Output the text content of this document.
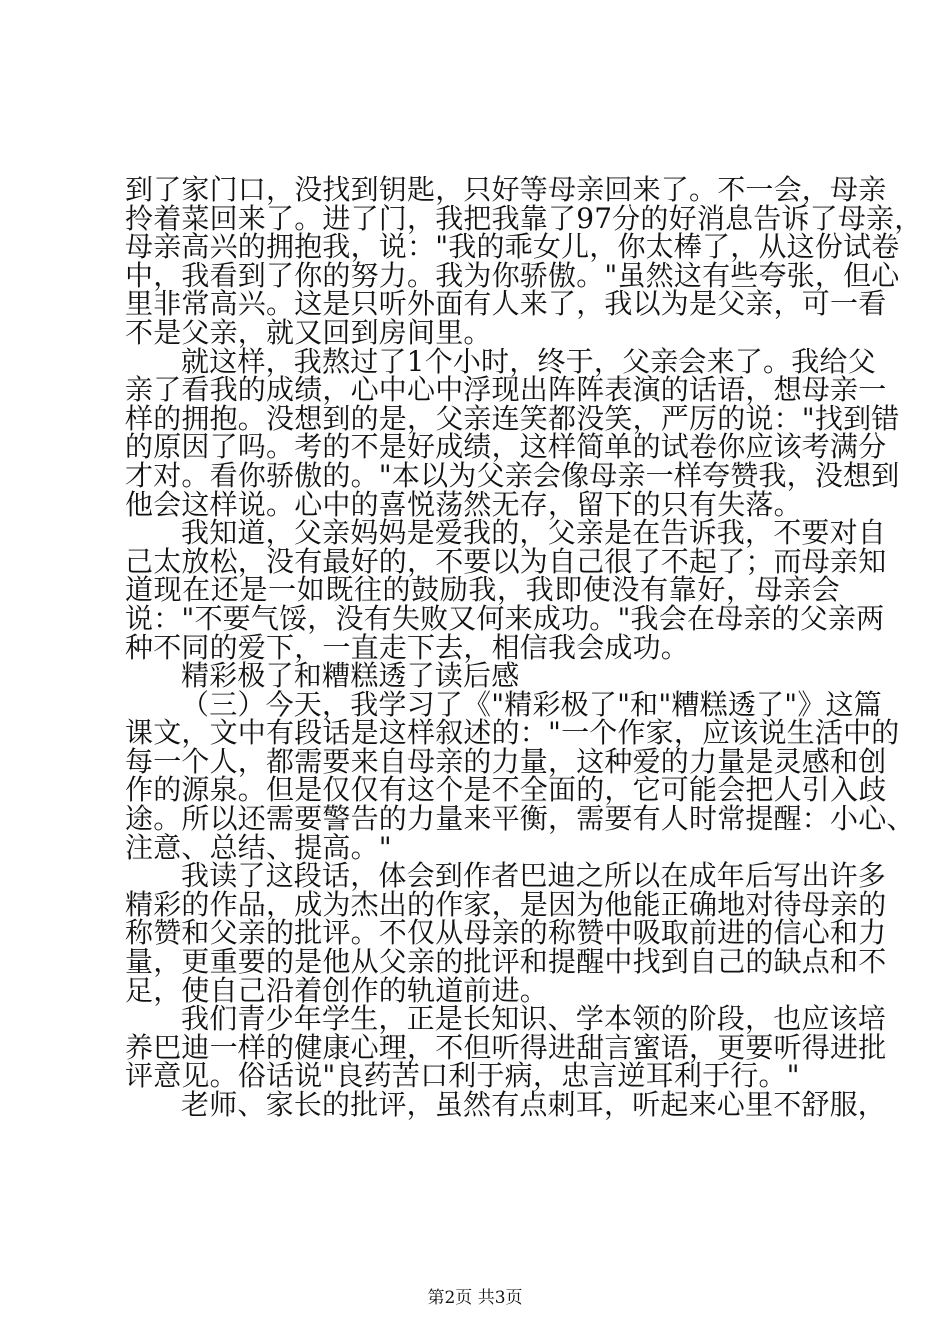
到了家门口，没找到钥匙，只好等母亲回来了。不一会，母亲
拎着菜回来了。进了门，我把我靠了97分的好消息告诉了母亲，
母亲高兴的拥抱我，说："我的乖女儿，你太棒了，从这份试卷
中，我看到了你的努力。我为你骄傲。"虽然这有些夸张，但心
里非常高兴。这是只听外面有人来了，我以为是父亲，可一看
不是父亲，就又回到房间里。
就这样，我熬过了1个小时，终于，父亲会来了。我给父
亲了看我的成绩，心中心中浮现出阵阵表演的话语，想母亲一
样的拥抱。没想到的是，父亲连笑都没笑，严厉的说："找到错
的原因了吗。考的不是好成绩，这样简单的试卷你应该考满分
才对。看你骄傲的。"本以为父亲会像母亲一样夸赞我，没想到
他会这样说。心中的喜悦荡然无存，留下的只有失落。
我知道，父亲妈妈是爱我的，父亲是在告诉我，不要对自
己太放松，没有最好的，不要以为自己很了不起了；而母亲知
道现在还是一如既往的鼓励我，我即使没有靠好，母亲会
说："不要气馁，没有失败又何来成功。"我会在母亲的父亲两
种不同的爱下，一直走下去，相信我会成功。
精彩极了和糟糕透了读后感
（三）今天，我学习了《"精彩极了"和"糟糕透了"》这篇
课文，文中有段话是这样叙述的："一个作家，应该说生活中的
每一个人，都需要来自母亲的力量，这种爱的力量是灵感和创
作的源泉。但是仅仅有这个是不全面的，它可能会把人引入歧
途。所以还需要警告的力量来平衡，需要有人时常提醒：小心、
注意、总结、提高。"
我读了这段话，体会到作者巴迪之所以在成年后写出许多
精彩的作品，成为杰出的作家，是因为他能正确地对待母亲的
称赞和父亲的批评。不仅从母亲的称赞中吸取前进的信心和力
量，更重要的是他从父亲的批评和提醒中找到自己的缺点和不
足，使自己沿着创作的轨道前进。
我们青少年学生，正是长知识、学本领的阶段，也应该培
养巴迪一样的健康心理，不但听得进甜言蜜语，更要听得进批
评意见。俗话说"良药苦口利于病，忠言逆耳利于行。"
老师、家长的批评，虽然有点刺耳，听起来心里不舒服，
第2页 共3页
